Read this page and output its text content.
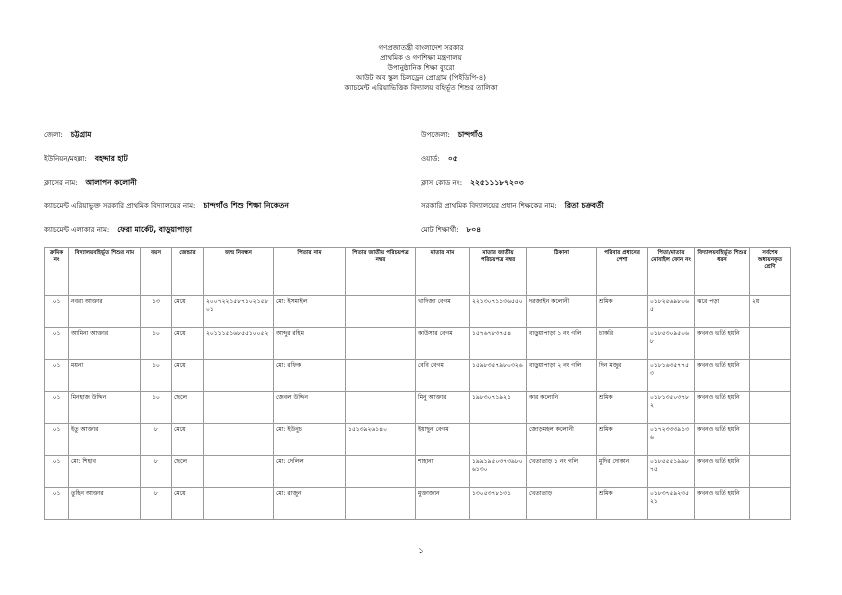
গণপ্রজাতন্ত্রী বাংলাদেশ সরকার
প্রাথমিক ও গণশিক্ষা মন্ত্রণালয়
উপানুষ্ঠানিক শিক্ষা ব্যুরো
আউট অব স্কুল চিলড্রেন প্রোগ্রাম (পিইডিপি-৪)
ক্যাচমেন্ট এরিয়াভিত্তিক বিদ্যালয় বহির্ভূত শিশুর তালিকা
জেলা: চট্টগ্রাম	উপজেলা: চান্দগাঁও
ইউনিয়ন/মহল্লা: বহদ্দার হাট	ওয়ার্ড: ০৫
ক্লাসের নাম: আলাপন কলোনী	ক্লাস কোড নং: ২২৫১১১৮৭২০৩
ক্যাচমেন্ট এরিয়াভুক্ত সরকারি প্রাথমিক বিদ্যালয়ের নাম: চান্দগাঁও শিশু শিক্ষা নিকেতন	সরকারি প্রাথমিক বিদ্যালয়ের প্রধান শিক্ষকের নাম: রিতা চক্রবর্তী
ক্যাচমেন্ট এলাকার নাম: ফেরা মার্কেট, বাড়ুয়াপাড়া	মোট শিক্ষার্থী: ৮০৪
ক্রমিক নং	বিদ্যালয়বহির্ভূত শিশুর নাম	বয়স	জেন্ডার	জন্ম নিবন্ধন	পিতার নাম	পিতার জাতীয় পরিচয়পত্র নম্বর	মাতার নাম	মাতার জাতীয় পরিচয়পত্র নম্বর	ঠিকানা	পরিবার প্রধানের পেশা	পিতা/মাতার মোবাইল ফোন নং	বিদ্যালয়বহির্ভূত শিশুর ধরন	সর্বশেষ অধ্যয়নকৃত শ্রেণি
০১	নবরা আক্তার	১৩	মেয়ে	২০০৭২২১৫৮৭১০২১৫৮০১	মো: ইসমাইল		খাদিজা বেগম	২২১৩০৭১১৩৬৫৫০	দরজাইন কলোনী	শ্রমিক	০১৮২৫৬৯৮০৬৫	ঝরে পড়া	২য়
০১	আমিনা আক্তার	১০	মেয়ে	২০১১১৫১৬৮৫৫১০০৫২	আব্দুর রহিম		কাউসার বেগম	১৫৭৬৭৮৩৭৫৪	বাড়ুয়াপাড়া ১ নং গলি	চাকরি	০১৮৫৩০৯৫০৬৮	কখনও ভর্তি হয়নি	
০১	ময়না	১০	মেয়ে		মো: রফিক		বেবি বেগম	১৫৯৮৩৫৭৯৮০৩২৬	বাড়ুয়াপাড়া ২ নং গলি	দিন মজুর	০১৮১৬৩৫৭৭৫৩	কখনও ভর্তি হয়নি	
০১	মিনহাজ উদ্দিন	১০	ছেলে		জেবল উদ্দিন		মিনু আক্তার	১৯৮৩০৭১৯২১	কার কলোনি	শ্রমিক	০১৮১৩৫০৩৭৮২	কখনও ভর্তি হয়নি	
০১	ইতু আক্তার	৮	মেয়ে		মো: ইউনুচ	১৫১৩৯২৬১৪০	ইয়াছুন বেগম		জোড়মহল কলোনী	শ্রমিক	০১৭২৩৩৩৯১৩৬	কখনও ভর্তি হয়নি	
০১	মো: শিহাব	৮	ছেলে		মো: দেলিল		শাহানা	১৯৯১৯৫০৩৭৩৯৮০৬১৩০	খেতাতাড় ১ নং গলি	মুদির দোকান	০১৮৫৫৫১৯৯৮৭৫	কখনও ভর্তি হয়নি	
০১	তুহিন আক্তার	৮	মেয়ে		মো: রাজুন		মুক্তাজান	১৩০৫৩৭৮১৩১	খেতাতাড়	শ্রমিক	০১৮৩৭৫৯২৩৫২১	কখনও ভর্তি হয়নি	
১
